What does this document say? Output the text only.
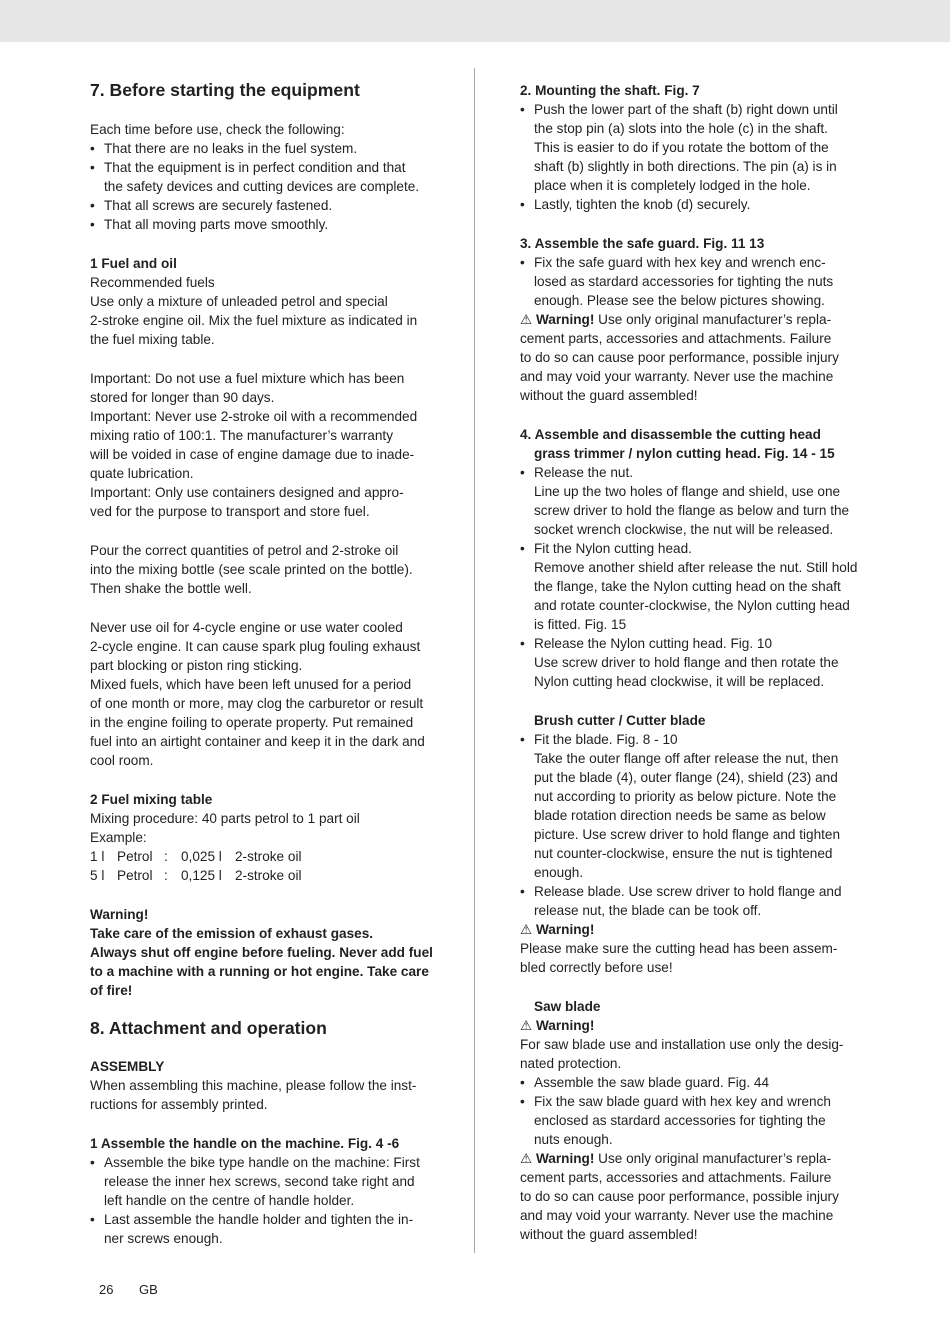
7. Before starting the equipment
Each time before use, check the following:
• That there are no leaks in the fuel system.
• That the equipment is in perfect condition and that
the safety devices and cutting devices are complete.
• That all screws are securely fastened.
• That all moving parts move smoothly.
1 Fuel and oil
Recommended fuels
Use only a mixture of unleaded petrol and special
2-stroke engine oil. Mix the fuel mixture as indicated in
the fuel mixing table.
Important: Do not use a fuel mixture which has been
stored for longer than 90 days.
Important: Never use 2-stroke oil with a recommended
mixing ratio of 100:1. The manufacturer’s warranty
will be voided in case of engine damage due to inade-
quate lubrication.
Important: Only use containers designed and appro-
ved for the purpose to transport and store fuel.
Pour the correct quantities of petrol and 2-stroke oil
into the mixing bottle (see scale printed on the bottle).
Then shake the bottle well.
Never use oil for 4-cycle engine or use water cooled
2-cycle engine. It can cause spark plug fouling exhaust
part blocking or piston ring sticking.
Mixed fuels, which have been left unused for a period
of one month or more, may clog the carburetor or result
in the engine foiling to operate property. Put remained
fuel into an airtight container and keep it in the dark and
cool room.
2 Fuel mixing table
Mixing procedure: 40 parts petrol to 1 part oil
Example:
1 l Petrol : 0,025 l 2-stroke oil
5 l Petrol : 0,125 l 2-stroke oil
Warning!
Take care of the emission of exhaust gases.
Always shut off engine before fueling. Never add fuel
to a machine with a running or hot engine. Take care
of fire!
8. Attachment and operation
ASSEMBLY
When assembling this machine, please follow the inst-
ructions for assembly printed.
1 Assemble the handle on the machine. Fig. 4 -6
• Assemble the bike type handle on the machine: First
release the inner hex screws, second take right and
left handle on the centre of handle holder.
• Last assemble the handle holder and tighten the in-
ner screws enough.
2. Mounting the shaft. Fig. 7
• Push the lower part of the shaft (b) right down until
the stop pin (a) slots into the hole (c) in the shaft.
This is easier to do if you rotate the bottom of the
shaft (b) slightly in both directions. The pin (a) is in
place when it is completely lodged in the hole.
• Lastly, tighten the knob (d) securely.
3. Assemble the safe guard. Fig. 11 13
• Fix the safe guard with hex key and wrench enc-
losed as stardard accessories for tighting the nuts
enough. Please see the below pictures showing.
⚠ Warning! Use only original manufacturer’s repla-
cement parts, accessories and attachments. Failure
to do so can cause poor performance, possible injury
and may void your warranty. Never use the machine
without the guard assembled!
4. Assemble and disassemble the cutting head
grass trimmer / nylon cutting head. Fig. 14 - 15
• Release the nut.
Line up the two holes of flange and shield, use one
screw driver to hold the flange as below and turn the
socket wrench clockwise, the nut will be released.
• Fit the Nylon cutting head.
Remove another shield after release the nut. Still hold
the flange, take the Nylon cutting head on the shaft
and rotate counter-clockwise, the Nylon cutting head
is fitted. Fig. 15
• Release the Nylon cutting head. Fig. 10
Use screw driver to hold flange and then rotate the
Nylon cutting head clockwise, it will be replaced.
Brush cutter / Cutter blade
• Fit the blade. Fig. 8 - 10
Take the outer flange off after release the nut, then
put the blade (4), outer flange (24), shield (23) and
nut according to priority as below picture. Note the
blade rotation direction needs be same as below
picture. Use screw driver to hold flange and tighten
nut counter-clockwise, ensure the nut is tightened
enough.
• Release blade. Use screw driver to hold flange and
release nut, the blade can be took off.
⚠ Warning!
Please make sure the cutting head has been assem-
bled correctly before use!
Saw blade
⚠ Warning!
For saw blade use and installation use only the desig-
nated protection.
• Assemble the saw blade guard. Fig. 44
• Fix the saw blade guard with hex key and wrench
enclosed as stardard accessories for tighting the
nuts enough.
⚠ Warning! Use only original manufacturer’s repla-
cement parts, accessories and attachments. Failure
to do so can cause poor performance, possible injury
and may void your warranty. Never use the machine
without the guard assembled!
26 GB
